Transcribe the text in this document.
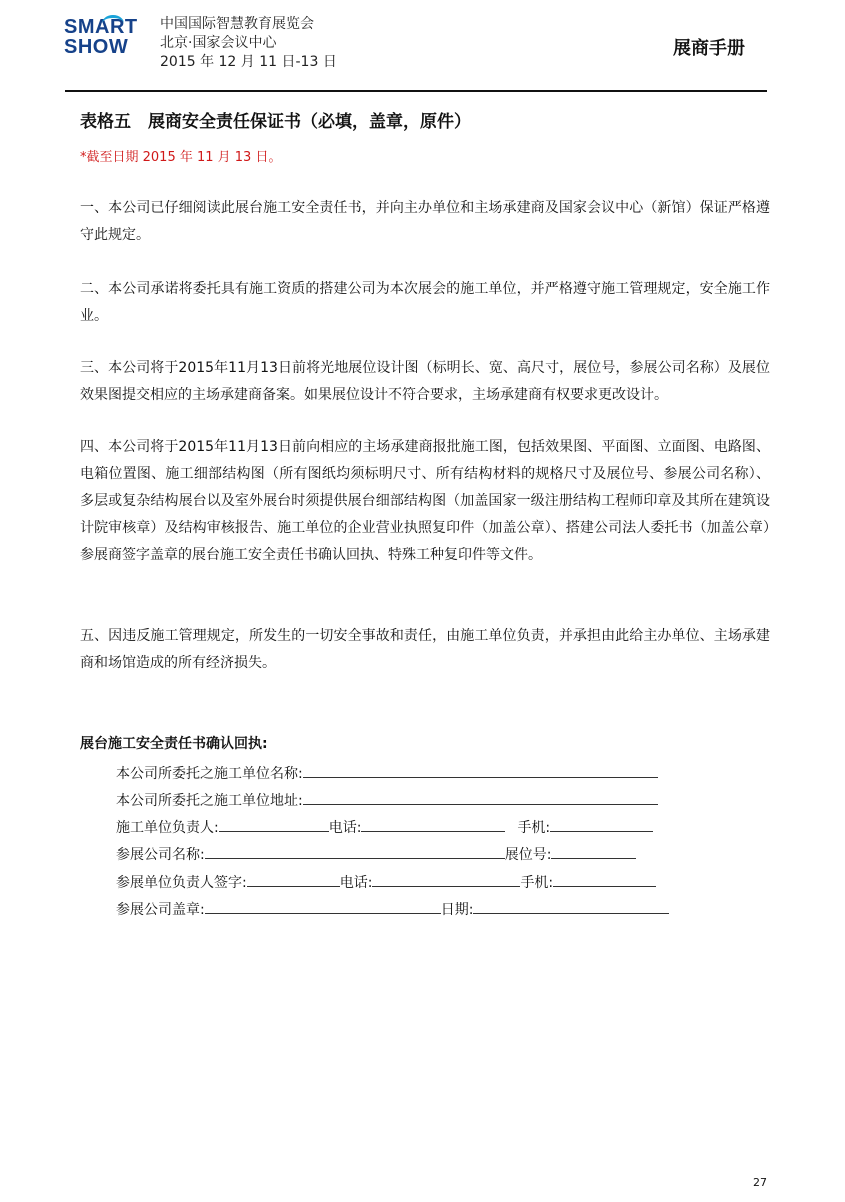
SMART
SHOW
中国国际智慧教育展览会
北京·国家会议中心
2015 年 12 月 11 日-13 日
展商手册
表格五　展商安全责任保证书（必填，盖章，原件）
*截至日期 2015 年 11 月 13 日。
一、本公司已仔细阅读此展台施工安全责任书，并向主办单位和主场承建商及国家会议中心（新馆）保证严格遵守此规定。
二、本公司承诺将委托具有施工资质的搭建公司为本次展会的施工单位，并严格遵守施工管理规定，安全施工作业。
三、本公司将于2015年11月13日前将光地展位设计图（标明长、宽、高尺寸，展位号，参展公司名称）及展位效果图提交相应的主场承建商备案。如果展位设计不符合要求，主场承建商有权要求更改设计。
四、本公司将于2015年11月13日前向相应的主场承建商报批施工图，包括效果图、平面图、立面图、电路图、电箱位置图、施工细部结构图（所有图纸均须标明尺寸、所有结构材料的规格尺寸及展位号、参展公司名称）、多层或复杂结构展台以及室外展台时须提供展台细部结构图（加盖国家一级注册结构工程师印章及其所在建筑设计院审核章）及结构审核报告、施工单位的企业营业执照复印件（加盖公章）、搭建公司法人委托书（加盖公章）参展商签字盖章的展台施工安全责任书确认回执、特殊工种复印件等文件。
五、因违反施工管理规定，所发生的一切安全事故和责任，由施工单位负责，并承担由此给主办单位、主场承建商和场馆造成的所有经济损失。
展台施工安全责任书确认回执:
本公司所委托之施工单位名称:
本公司所委托之施工单位地址:
施工单位负责人:	电话:	手机:
参展公司名称:	展位号:
参展单位负责人签字:	电话:	手机:
参展公司盖章:	日期:
27
